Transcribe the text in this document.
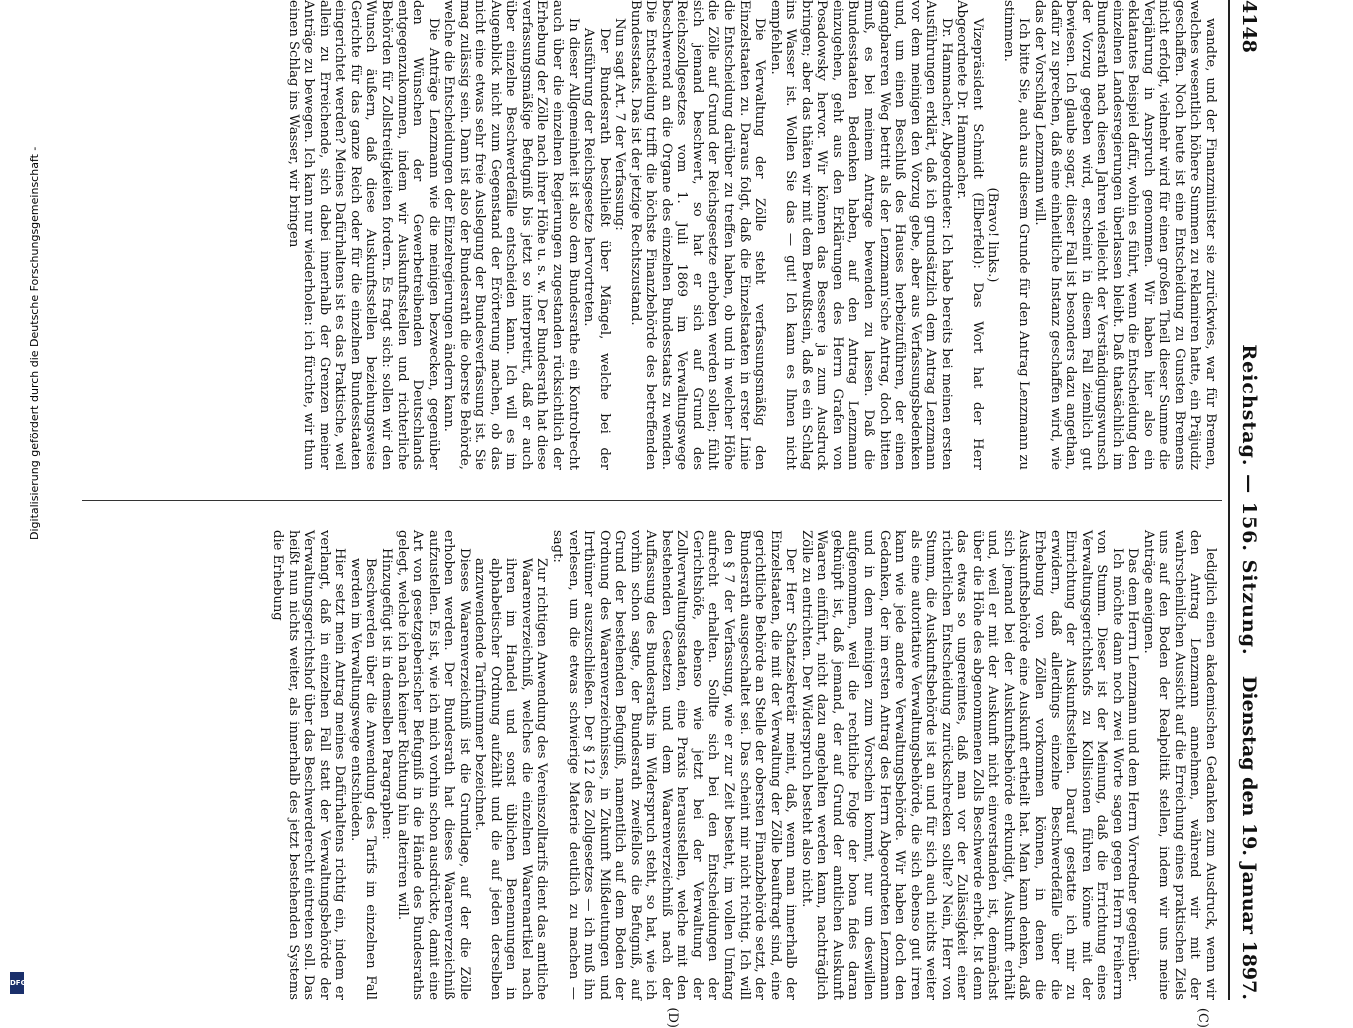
4148
Reichstag. — 156. Sitzung.
Dienstag den 19. Januar 1897.
(C)
(D)

wandte, und der Finanzminister sie zurückwies, war für Bremen, welches wesentlich höhere Summen zu reklamiren hatte, ein Präjudiz geschaffen. Noch heute ist eine Entscheidung zu Gunsten Bremens nicht erfolgt, vielmehr wird für einen großen Theil dieser Summe die Verjährung in Anspruch genommen. Wir haben hier also ein eklatantes Beispiel dafür, wohin es führt, wenn die Entscheidung den einzelnen Landesregierungen überlassen bleibt. Daß thatsächlich im Bundesrath nach diesen Jahren vielleicht der Verständigungswunsch der Vorzug gegeben wird, erscheint in diesem Fall ziemlich gut bewiesen. Ich glaube sogar, dieser Fall ist besonders dazu angethan, dafür zu sprechen, daß eine einheitliche Instanz geschaffen wird, wie das der Vorschlag Lenzmann will.

Ich bitte Sie, auch aus diesem Grunde für den Antrag Lenzmann zu stimmen.

(Bravo! links.)

Vizepräsident Schmidt (Elberfeld): Das Wort hat der Herr Abgeordnete Dr. Hammacher.

Dr. Hammacher, Abgeordneter: Ich habe bereits bei meinen ersten Ausführungen erklärt, daß ich grundsätzlich dem Antrag Lenzmann vor dem meinigen den Vorzug gebe, aber aus Verfassungsbedenken und, um einen Beschluß des Hauses herbeizuführen, der einen gangbareren Weg betritt als der Lenzmann'sche Antrag, doch bitten muß, es bei meinem Antrage bewenden zu lassen. Daß die Bundesstaaten Bedenken haben, auf den Antrag Lenzmann einzugehen, geht aus den Erklärungen des Herrn Grafen von Posadowsky hervor. Wir können das Bessere ja zum Ausdruck bringen; aber das thäten wir mit dem Bewußtsein, daß es ein Schlag ins Wasser ist. Wollen Sie das — gut! Ich kann es Ihnen nicht empfehlen.

Die Verwaltung der Zölle steht verfassungsmäßig den Einzelstaaten zu. Daraus folgt, daß die Einzelstaaten in erster Linie die Entscheidung darüber zu treffen haben, ob und in welcher Höhe die Zölle auf Grund der Reichsgesetze erhoben werden sollen; fühlt sich jemand beschwert, so hat er sich auf Grund des Reichszollgesetzes vom 1. Juli 1869 im Verwaltungswege beschwerend an die Organe des einzelnen Bundesstaats zu wenden. Die Entscheidung trifft die höchste Finanzbehörde des betreffenden Bundesstaats. Das ist der jetzige Rechtszustand.

Nun sagt Art. 7 der Verfassung:

Der Bundesrath beschließt über Mängel, welche bei der Ausführung der Reichsgesetze hervortreten.

In dieser Allgemeinheit ist also dem Bundesrathe ein Kontrolrecht auch über die einzelnen Regierungen zugestanden rücksichtlich der Erhebung der Zölle nach ihrer Höhe u. s. w. Der Bundesrath hat diese verfassungsmäßige Befugniß bis jetzt so interpretirt, daß er auch über einzelne Beschwerdefälle entscheiden kann. Ich will es im Augenblick nicht zum Gegenstand der Erörterung machen, ob das nicht eine etwas sehr freie Auslegung der Bundesverfassung ist. Sie mag zulässig sein. Dann ist also der Bundesrath die oberste Behörde, welche die Entscheidungen der Einzelregierungen ändern kann.

Die Anträge Lenzmann wie die meinigen bezwecken, gegenüber den Wünschen der Gewerbetreibenden Deutschlands entgegenzukommen, indem wir Auskunftsstellen und richterliche Behörden für Zollstreitigkeiten fordern. Es fragt sich: sollen wir den Wunsch äußern, daß diese Auskunftsstellen beziehungsweise Gerichte für das ganze Reich oder für die einzelnen Bundesstaaten eingerichtet werden? Meines Dafürhaltens ist es das Praktische, weil allein zu Erreichende, sich dabei innerhalb der Grenzen meiner Anträge zu bewegen. Ich kann nur wiederholen: ich fürchte, wir thun einen Schlag ins Wasser, wir bringen

lediglich einen akademischen Gedanken zum Ausdruck, wenn wir den Antrag Lenzmann annehmen, während wir mit der wahrscheinlichen Aussicht auf die Erreichung eines praktischen Ziels uns auf den Boden der Realpolitik stellen, indem wir uns meine Anträge aneignen.

Das dem Herrn Lenzmann und dem Herrn Vorredner gegenüber.

Ich möchte dann noch zwei Worte sagen gegen Herrn Freiherrn von Stumm. Dieser ist der Meinung, daß die Errichtung eines Verwaltungsgerichtshofs zu Kollisionen führen könne mit der Einrichtung der Auskunftsstellen. Darauf gestatte ich mir zu erwidern, daß allerdings einzelne Beschwerdefälle über die Erhebung von Zöllen vorkommen können, in denen die Auskunftsbehörde eine Auskunft ertheilt hat. Man kann denken, daß sich jemand bei der Auskunftsbehörde erkundigt, Auskunft erhält und, weil er mit der Auskunft nicht einverstanden ist, demnächst über die Höhe des abgenommenen Zolls Beschwerde erhebt. Ist denn das etwas so ungereimtes, daß man vor der Zulässigkeit einer richterlichen Entscheidung zurückschrecken sollte? Nein, Herr von Stumm, die Auskunftsbehörde ist an und für sich auch nichts weiter als eine autoritative Verwaltungsbehörde, die sich ebenso gut irren kann wie jede andere Verwaltungsbehörde. Wir haben doch den Gedanken, der im ersten Antrag des Herrn Abgeordneten Lenzmann und in dem meinigen zum Vorschein kommt, nur um deswillen aufgenommen, weil die rechtliche Folge der bona fides daran geknüpft ist, daß jemand, der auf Grund der amtlichen Auskunft Waaren einführt, nicht dazu angehalten werden kann, nachträglich Zölle zu entrichten. Der Widerspruch besteht also nicht.

Der Herr Schatzsekretär meint, daß, wenn man innerhalb der Einzelstaaten, die mit der Verwaltung der Zölle beauftragt sind, eine gerichtliche Behörde an Stelle der obersten Finanzbehörde setzt, der Bundesrath ausgeschaltet sei. Das scheint mir nicht richtig. Ich will den § 7 der Verfassung, wie er zur Zeit besteht, im vollen Umfang aufrecht erhalten. Sollte sich bei den Entscheidungen der Gerichtshöfe, ebenso wie jetzt bei der Verwaltung der Zollverwaltungsstaaten, eine Praxis herausstellen, welche mit den bestehenden Gesetzen und dem Waarenverzeichniß nach der Auffassung des Bundesraths im Widerspruch steht, so hat, wie ich vorhin schon sagte, der Bundesrath zweifellos die Befugniß, auf Grund der bestehenden Befugniß, namentlich auf dem Boden der Ordnung des Waarenverzeichnisses, in Zukunft Mißdeutungen und Irrthümer auszuschließen. Der § 12 des Zollgesetzes — ich muß ihn verlesen, um die etwas schwierige Materie deutlich zu machen — sagt:

Zur richtigen Anwendung des Vereinszolltarifs dient das amtliche Waarenverzeichniß, welches die einzelnen Waarenartikel nach ihren im Handel und sonst üblichen Benennungen in alphabetischer Ordnung aufzählt und die auf jeden derselben anzuwendende Tarifnummer bezeichnet.

Dieses Waarenverzeichniß ist die Grundlage, auf der die Zölle erhoben werden. Der Bundesrath hat dieses Waarenverzeichniß aufzustellen. Es ist, wie ich mich vorhin schon ausdrückte, damit eine Art von gesetzgeberischer Befugniß in die Hände des Bundesraths gelegt, welche ich nach keiner Richtung hin alteriren will.

Hinzugefügt ist in demselben Paragraphen:

Beschwerden über die Anwendung des Tarifs im einzelnen Fall werden im Verwaltungswege entschieden.

Hier setzt mein Antrag meines Dafürhaltens richtig ein, indem er verlangt, daß in einzelnen Fall statt der Verwaltungsbehörde der Verwaltungsgerichtshof über das Beschwerderecht eintreten soll. Das heißt nun nichts weiter, als innerhalb des jetzt bestehenden Systems die Erhebung

Digitalisierung gefördert durch die Deutsche Forschungsgemeinschaft -
DFG
